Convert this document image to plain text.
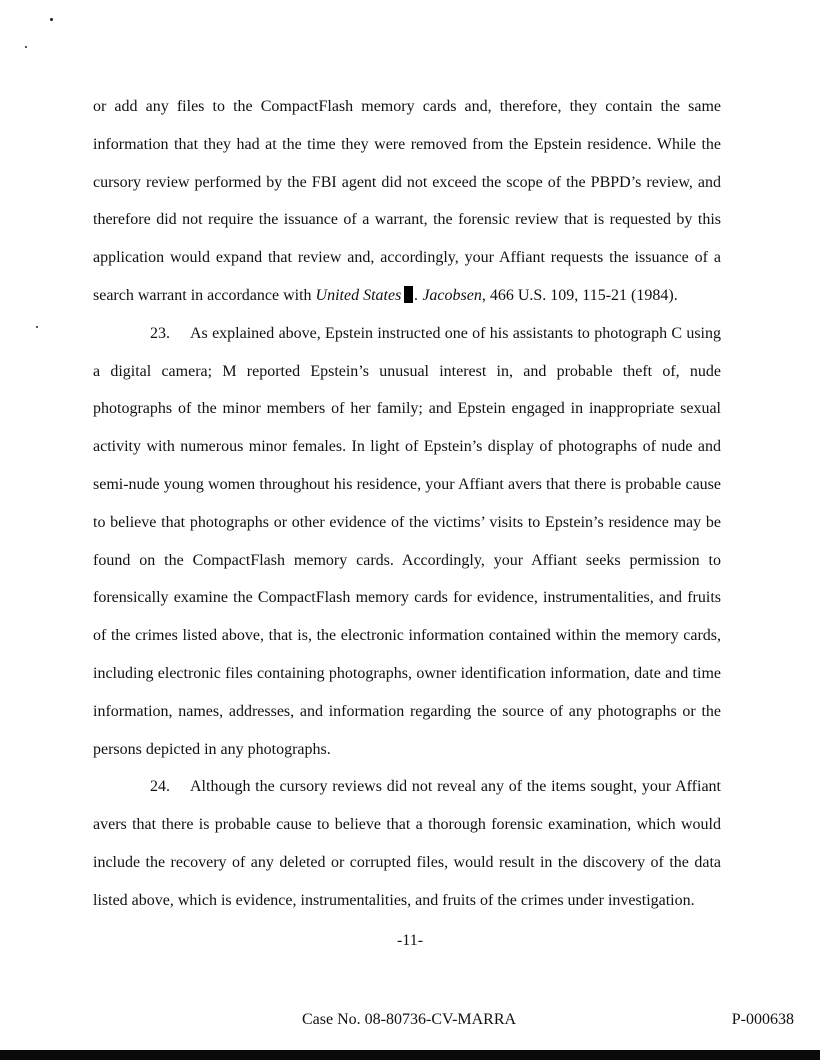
or add any files to the CompactFlash memory cards and, therefore, they contain the same information that they had at the time they were removed from the Epstein residence. While the cursory review performed by the FBI agent did not exceed the scope of the PBPD’s review, and therefore did not require the issuance of a warrant, the forensic review that is requested by this application would expand that review and, accordingly, your Affiant requests the issuance of a search warrant in accordance with United States . Jacobsen, 466 U.S. 109, 115-21 (1984).

23. As explained above, Epstein instructed one of his assistants to photograph C using a digital camera; M reported Epstein’s unusual interest in, and probable theft of, nude photographs of the minor members of her family; and Epstein engaged in inappropriate sexual activity with numerous minor females. In light of Epstein’s display of photographs of nude and semi-nude young women throughout his residence, your Affiant avers that there is probable cause to believe that photographs or other evidence of the victims’ visits to Epstein’s residence may be found on the CompactFlash memory cards. Accordingly, your Affiant seeks permission to forensically examine the CompactFlash memory cards for evidence, instrumentalities, and fruits of the crimes listed above, that is, the electronic information contained within the memory cards, including electronic files containing photographs, owner identification information, date and time information, names, addresses, and information regarding the source of any photographs or the persons depicted in any photographs.

24. Although the cursory reviews did not reveal any of the items sought, your Affiant avers that there is probable cause to believe that a thorough forensic examination, which would include the recovery of any deleted or corrupted files, would result in the discovery of the data listed above, which is evidence, instrumentalities, and fruits of the crimes under investigation.

-11-
Case No. 08-80736-CV-MARRA	P-000638
